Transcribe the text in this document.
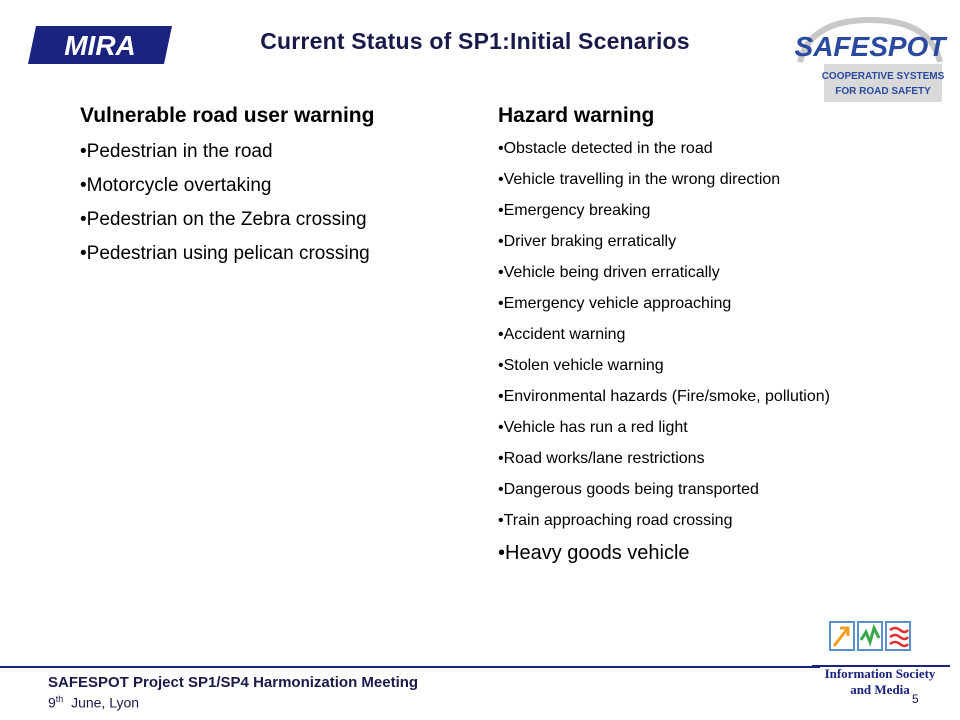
MIRA	Current Status of SP1:Initial Scenarios	SAFESPOT
COOPERATIVE SYSTEMS
FOR ROAD SAFETY
Vulnerable road user warning
•Pedestrian in the road
•Motorcycle overtaking
•Pedestrian on the Zebra crossing
•Pedestrian using pelican crossing
Hazard warning
•Obstacle detected in the road
•Vehicle travelling in the wrong direction
•Emergency breaking
•Driver braking erratically
•Vehicle being driven erratically
•Emergency vehicle approaching
•Accident warning
•Stolen vehicle warning
•Environmental hazards (Fire/smoke, pollution)
•Vehicle has run a red light
•Road works/lane restrictions
•Dangerous goods being transported
•Train approaching road crossing
•Heavy goods vehicle
Information Society
and Media
SAFESPOT Project SP1/SP4 Harmonization Meeting
9th  June, Lyon	5
